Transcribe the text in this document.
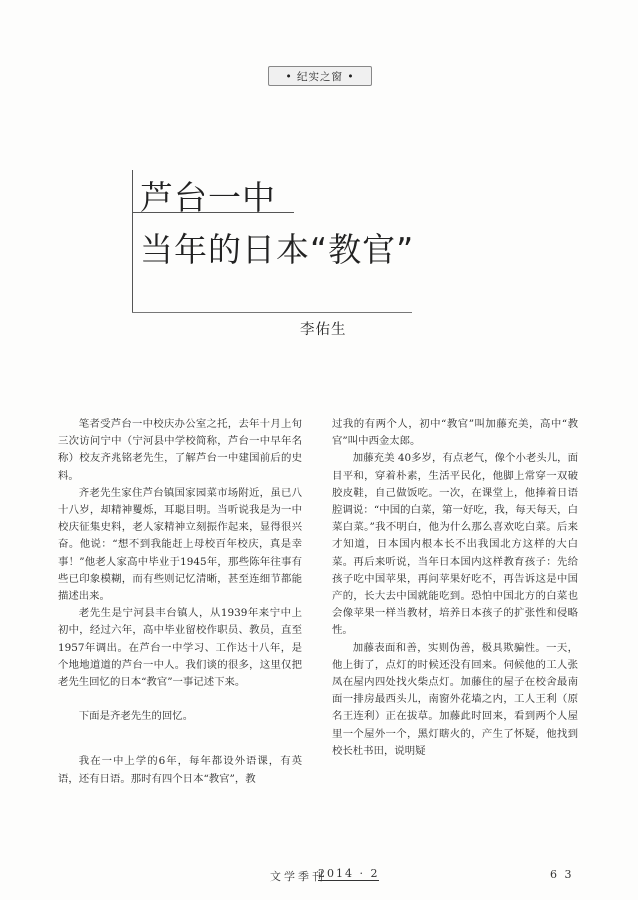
• 纪实之窗 •
芦台一中
当年的日本“教官”
李佑生

笔者受芦台一中校庆办公室之托，去年十月上旬三次访问宁中（宁河县中学校简称，芦台一中早年名称）校友齐兆铭老先生，了解芦台一中建国前后的史料。

齐老先生家住芦台镇国家园菜市场附近，虽已八十八岁，却精神矍烁，耳聪目明。当听说我是为一中校庆征集史料，老人家精神立刻振作起来，显得很兴奋。他说：“想不到我能赶上母校百年校庆，真是幸事！”他老人家高中毕业于1945年，那些陈年往事有些已印象模糊，而有些则记忆清晰，甚至连细节都能描述出来。

老先生是宁河县丰台镇人，从1939年来宁中上初中，经过六年，高中毕业留校作职员、教员，直至1957年调出。在芦台一中学习、工作达十八年，是个地地道道的芦台一中人。我们谈的很多，这里仅把老先生回忆的日本“教官”一事记述下来。

下面是齐老先生的回忆。

我在一中上学的6年，每年都设外语课，有英语，还有日语。那时有四个日本“教官”，教

过我的有两个人，初中“教官”叫加藤充美，高中“教官”叫中西金太郎。

加藤充美 40多岁，有点老气，像个小老头儿，面目平和，穿着朴素，生活平民化，他脚上常穿一双破胶皮鞋，自己做饭吃。一次，在课堂上，他捧着日语腔调说：“中国的白菜，第一好吃，我，每天每天，白菜白菜。”我不明白，他为什么那么喜欢吃白菜。后来才知道，日本国内根本长不出我国北方这样的大白菜。再后来听说，当年日本国内这样教育孩子：先给孩子吃中国苹果，再问苹果好吃不，再告诉这是中国产的，长大去中国就能吃到。恐怕中国北方的白菜也会像苹果一样当教材，培养日本孩子的扩张性和侵略性。

加藤表面和善，实则伪善，极具欺骗性。一天，他上街了，点灯的时候还没有回来。伺候他的工人张凤在屋内四处找火柴点灯。加藤住的屋子在校舍最南面一排房最西头儿，南窗外花墙之内，工人王利（原名王连利）正在拔草。加藤此时回来，看到两个人屋里一个屋外一个，黑灯瞎火的，产生了怀疑，他找到校长杜书田，说明疑

文学季刊
2014 · 2	6 3
